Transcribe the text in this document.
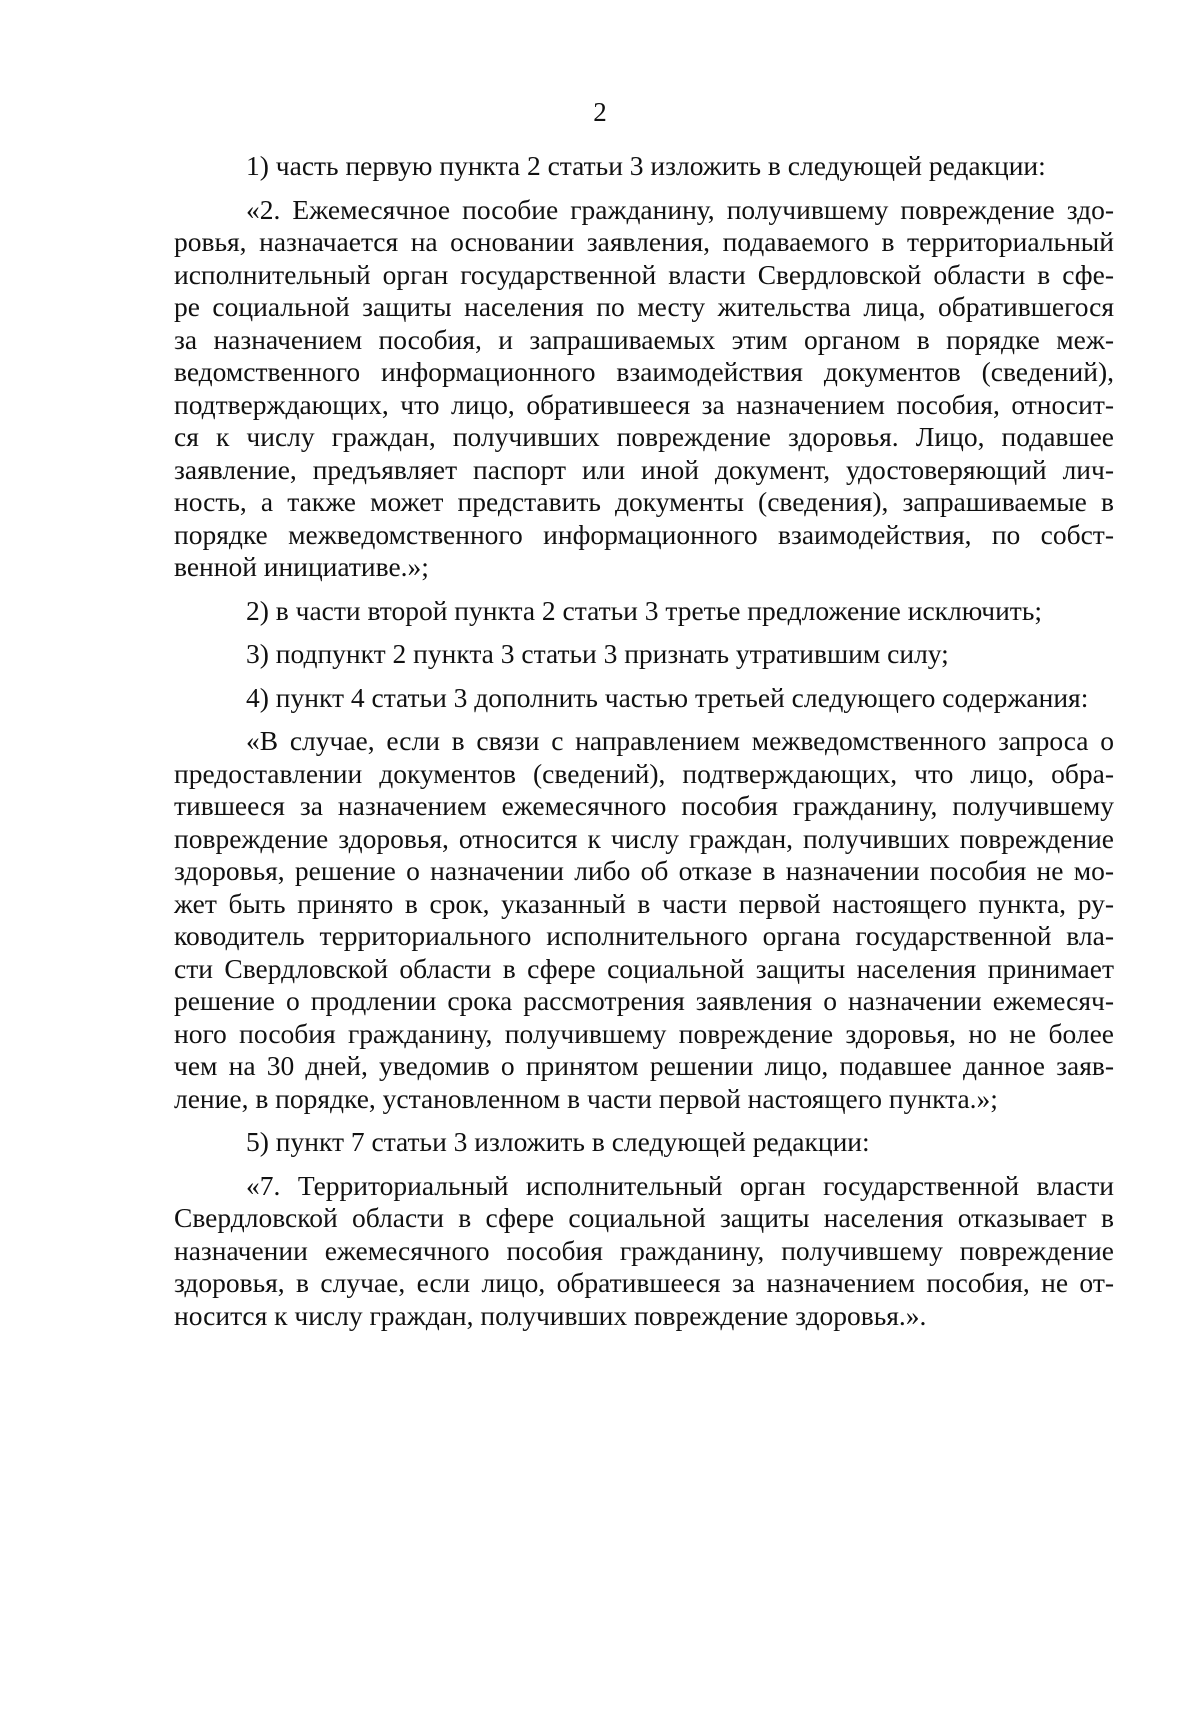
2
1) часть первую пункта 2 статьи 3 изложить в следующей редакции:
«2. Ежемесячное пособие гражданину, получившему повреждение здо-
ровья, назначается на основании заявления, подаваемого в территориальный
исполнительный орган государственной власти Свердловской области в сфе-
ре социальной защиты населения по месту жительства лица, обратившегося
за назначением пособия, и запрашиваемых этим органом в порядке меж-
ведомственного информационного взаимодействия документов (сведений),
подтверждающих, что лицо, обратившееся за назначением пособия, относит-
ся к числу граждан, получивших повреждение здоровья. Лицо, подавшее
заявление, предъявляет паспорт или иной документ, удостоверяющий лич-
ность, а также может представить документы (сведения), запрашиваемые в
порядке межведомственного информационного взаимодействия, по собст-
венной инициативе.»;
2) в части второй пункта 2 статьи 3 третье предложение исключить;
3) подпункт 2 пункта 3 статьи 3 признать утратившим силу;
4) пункт 4 статьи 3 дополнить частью третьей следующего содержания:
«В случае, если в связи с направлением межведомственного запроса о
предоставлении документов (сведений), подтверждающих, что лицо, обра-
тившееся за назначением ежемесячного пособия гражданину, получившему
повреждение здоровья, относится к числу граждан, получивших повреждение
здоровья, решение о назначении либо об отказе в назначении пособия не мо-
жет быть принято в срок, указанный в части первой настоящего пункта, ру-
ководитель территориального исполнительного органа государственной вла-
сти Свердловской области в сфере социальной защиты населения принимает
решение о продлении срока рассмотрения заявления о назначении ежемесяч-
ного пособия гражданину, получившему повреждение здоровья, но не более
чем на 30 дней, уведомив о принятом решении лицо, подавшее данное заяв-
ление, в порядке, установленном в части первой настоящего пункта.»;
5) пункт 7 статьи 3 изложить в следующей редакции:
«7. Территориальный исполнительный орган государственной власти
Свердловской области в сфере социальной защиты населения отказывает в
назначении ежемесячного пособия гражданину, получившему повреждение
здоровья, в случае, если лицо, обратившееся за назначением пособия, не от-
носится к числу граждан, получивших повреждение здоровья.».
